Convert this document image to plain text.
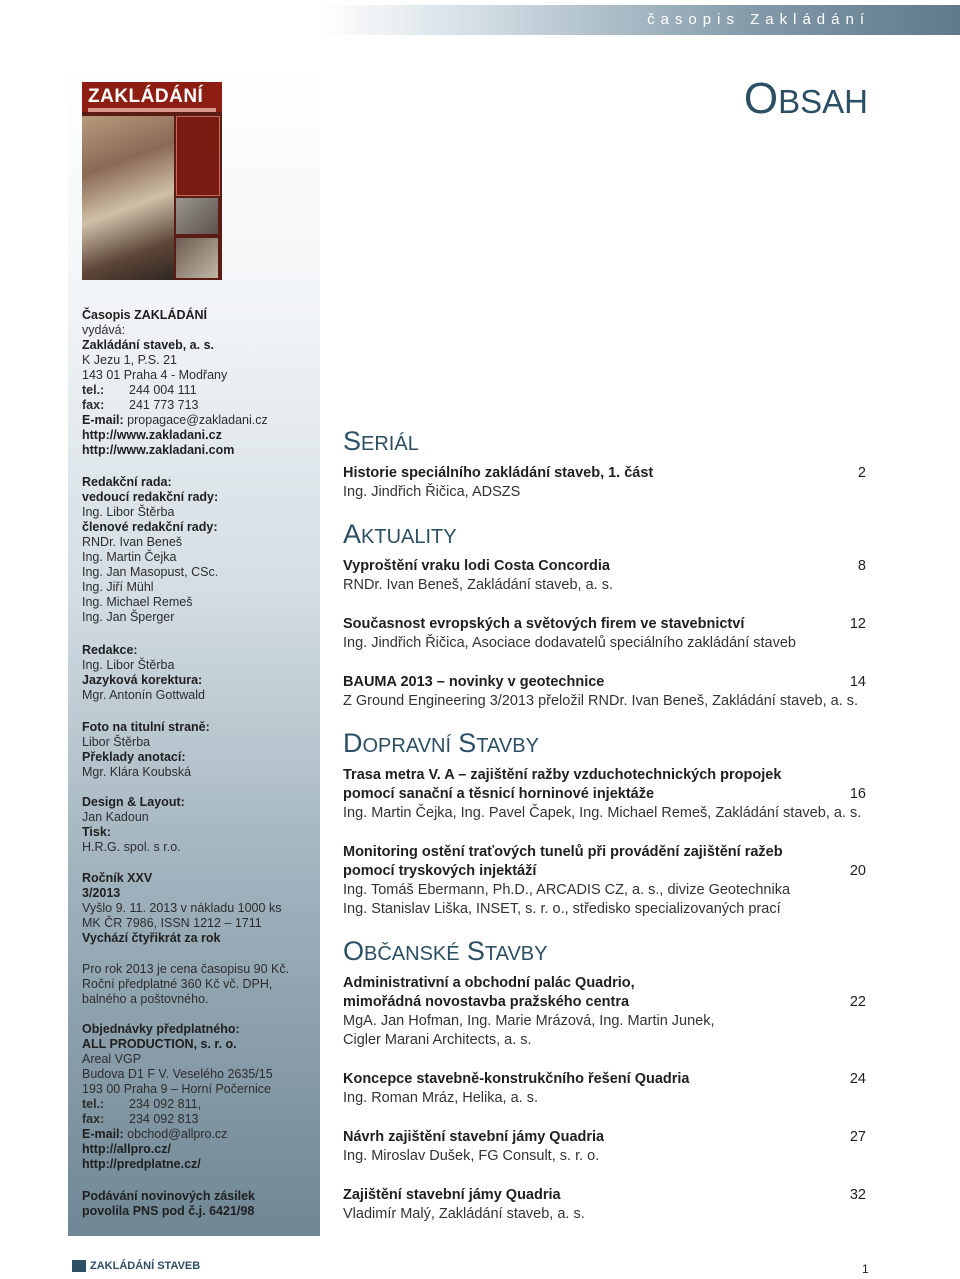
časopis Zakládání
OBSAH
ZAKLÁDÁNÍ
Časopis ZAKLÁDÁNÍ
vydává:
Zakládání staveb, a. s.
K Jezu 1, P.S. 21
143 01 Praha 4 - Modřany
tel.:	244 004 111
fax:	241 773 713
E-mail: propagace@zakladani.cz
http://www.zakladani.cz
http://www.zakladani.com
Redakční rada:
vedoucí redakční rady:
Ing. Libor Štěrba
členové redakční rady:
RNDr. Ivan Beneš
Ing. Martin Čejka
Ing. Jan Masopust, CSc.
Ing. Jiří Mühl
Ing. Michael Remeš
Ing. Jan Šperger
Redakce:
Ing. Libor Štěrba
Jazyková korektura:
Mgr. Antonín Gottwald
Foto na titulní straně:
Libor Štěrba
Překlady anotací:
Mgr. Klára Koubská
Design & Layout:
Jan Kadoun
Tisk:
H.R.G. spol. s r.o.
Ročník XXV
3/2013
Vyšlo 9. 11. 2013 v nákladu 1000 ks
MK ČR 7986, ISSN 1212 – 1711
Vychází čtyřikrát za rok
Pro rok 2013 je cena časopisu 90 Kč.
Roční předplatné 360 Kč vč. DPH,
balného a poštovného.
Objednávky předplatného:
ALL PRODUCTION, s. r. o.
Areal VGP
Budova D1 F V. Veselého 2635/15
193 00 Praha 9 – Horní Počernice
tel.:	234 092 811,
fax:	234 092 813
E-mail: obchod@allpro.cz
http://allpro.cz/
http://predplatne.cz/
Podávání novinových zásilek
povolila PNS pod č.j. 6421/98
ZAKLÁDÁNÍ STAVEB	1
SERIÁL
Historie speciálního zakládání staveb, 1. část	2
Ing. Jindřich Řičica, ADSZS
AKTUALITY
Vyproštění vraku lodi Costa Concordia	8
RNDr. Ivan Beneš, Zakládání staveb, a. s.
Současnost evropských a světových firem ve stavebnictví	12
Ing. Jindřich Řičica, Asociace dodavatelů speciálního zakládání staveb
BAUMA 2013 – novinky v geotechnice	14
Z Ground Engineering 3/2013 přeložil RNDr. Ivan Beneš, Zakládání staveb, a. s.
DOPRAVNÍ STAVBY
Trasa metra V. A – zajištění ražby vzduchotechnických propojek
pomocí sanační a těsnicí horninové injektáže	16
Ing. Martin Čejka, Ing. Pavel Čapek, Ing. Michael Remeš, Zakládání staveb, a. s.
Monitoring ostění traťových tunelů při provádění zajištění ražeb
pomocí tryskových injektáží	20
Ing. Tomáš Ebermann, Ph.D., ARCADIS CZ, a. s., divize Geotechnika
Ing. Stanislav Liška, INSET, s. r. o., středisko specializovaných prací
OBČANSKÉ STAVBY
Administrativní a obchodní palác Quadrio,
mimořádná novostavba pražského centra	22
MgA. Jan Hofman, Ing. Marie Mrázová, Ing. Martin Junek,
Cigler Marani Architects, a. s.
Koncepce stavebně-konstrukčního řešení Quadria	24
Ing. Roman Mráz, Helika, a. s.
Návrh zajištění stavební jámy Quadria	27
Ing. Miroslav Dušek, FG Consult, s. r. o.
Zajištění stavební jámy Quadria	32
Vladimír Malý, Zakládání staveb, a. s.
